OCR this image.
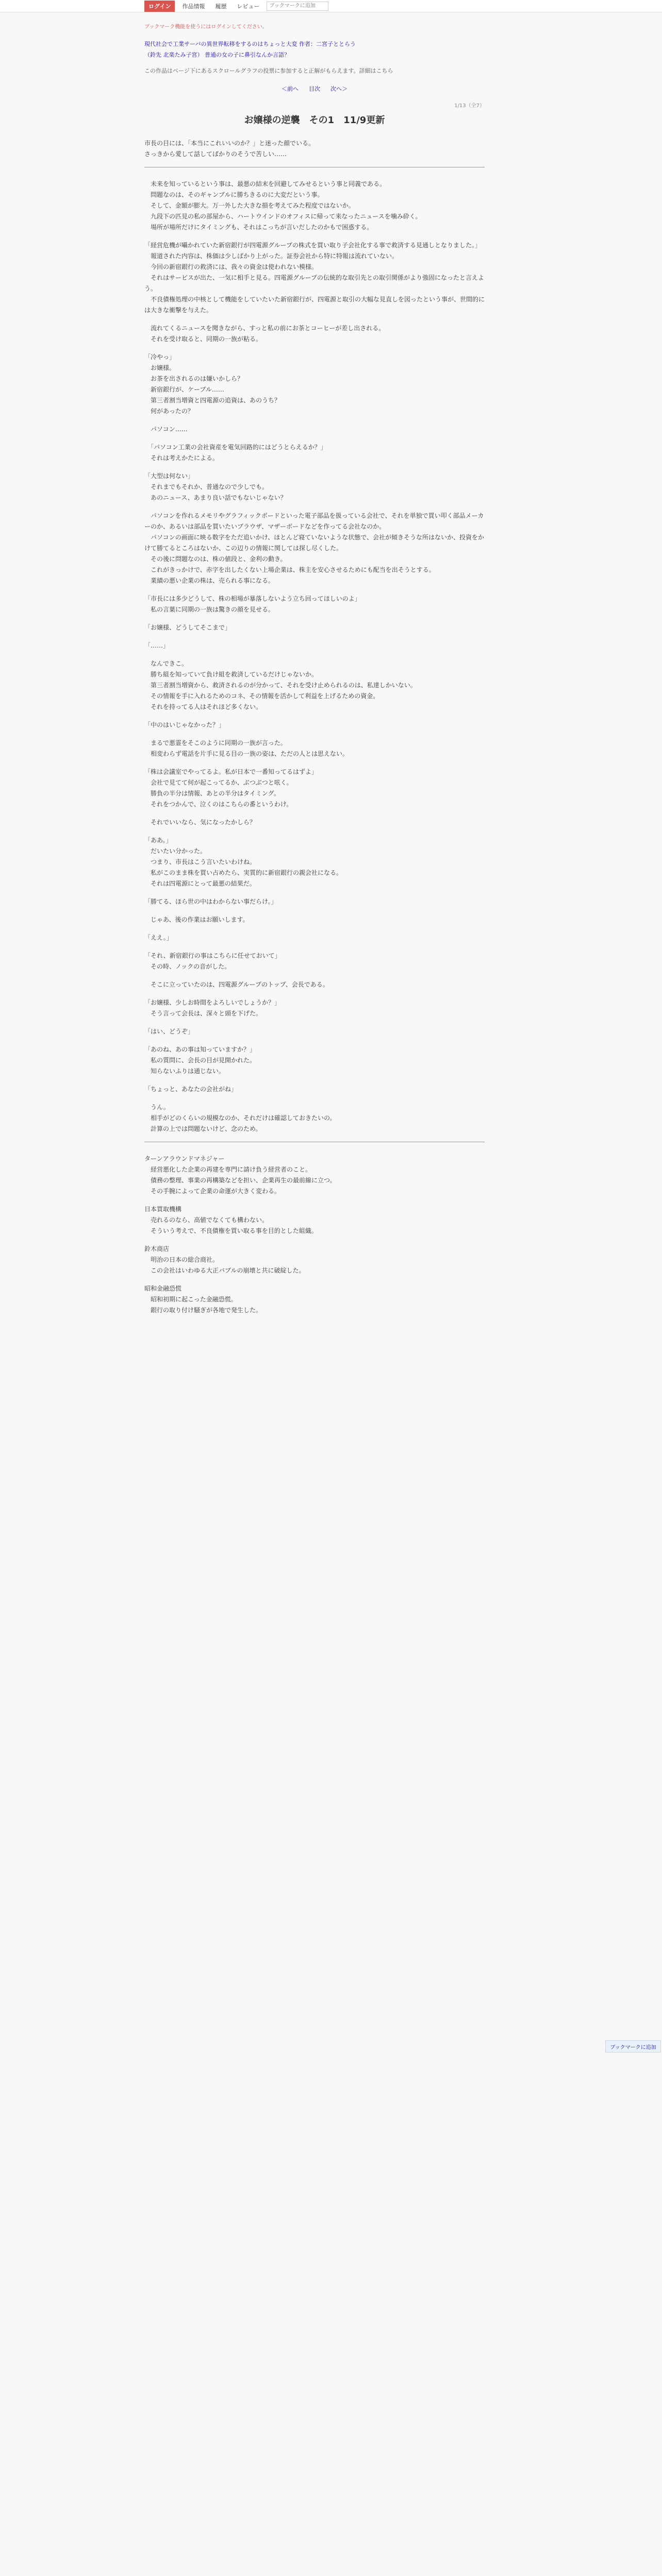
ログイン	作品情報	履歴	レビュー
ブックマークに追加
ブックマーク機能を使うにはログインしてください。
現代社会で工業サーバの異世界転移をするのはちょっと大変 作者：二宮子ととらう
（鈴先 北楽たみ子宮） 普通の女の子に鼻引なんか言語？
この作品はページ下にあるスクロールグラフの投票に参加すると正解がもらえます。詳細はこちら
＜前へ 目次 次へ＞
1/13（全7）
お嬢様の逆襲　その1　11/9更新

市長の目には、「本当にこれいいのか？」と迷った顔でいる。

さっきから愛して話してばかりのそうで苦しい……

　未来を知っているという事は、最悪の結末を回避してみせるという事と同義である。
　問題なのは、そのギャンブルに勝ちきるのに大変だという事。
　そして、金額が膨大。万一外した大きな損を考えてみた程度ではないか。
　九段下の匹見の私の部屋から、ハートウインドのオフィスに帰って来なったニュースを噛み砕く。
　場所が場所だけにタイミングも、それはこっちが言いだしたのかもで困惑する。

「経営危機が囁かれていた新宿銀行が四電源グループの株式を買い取り子会社化する事で救済する見通しとなりました。」
　報道された内容は、株価は少しばかり上がった。証券会社から特に特報は流れていない。
　今回の新宿銀行の救済には、我々の資金は使われない模様。
　それはサービスが出た、一気に相手と見る。四電源グループの伝統的な取引先との取引関係がより強固になったと言えよう。
　不良債権処理の中核として機能をしていたいた新宿銀行が、四電源と取引の大幅な見直しを図ったという事が、世間的には大きな衝撃を与えた。

　流れてくるニュースを聞きながら、すっと私の前にお茶とコーヒーが差し出される。
　それを受け取ると、同期の一族が粘る。

「冷やっ」
　お嬢様。
　お茶を出されるのは嫌いかしら？
　新宿銀行が、ケーブル……
　第三者割当増資と四電源の追資は、あのうち？
　何があったの？

　パソコン……

　「パソコン工業の会社資産を電気回路的にはどうとらえるか？」
　それは考えかたによる。

「大型は何ない」　
　それまでもそれか、普通なので少しでも。
　あのニュース、あまり良い話でもないじゃない？

　パソコンを作れるメモリやグラフィックボードといった電子部品を扱っている会社で、それを単独で買い叩く部品メーカーのか、あるいは部品を買いたいブラウザ、マザーボードなどを作ってる会社なのか。
　パソコンの画面に映る数字をただ追いかけ、ほとんど寝ていないような状態で、会社が傾きそうな所はないか、投資をかけて勝てるところはないか、この辺りの情報に関しては探し尽くした。
　その後に問題なのは、株の値段と、金利の動き。
　これがきっかけで、赤字を出したくない上場企業は、株主を安心させるためにも配当を出そうとする。
　業績の悪い企業の株は、売られる事になる。

「市長には多少どうして、株の相場が暴落しないよう立ち回ってほしいのよ」
　私の言葉に同期の一族は驚きの顔を見せる。

「お嬢様、どうしてそこまで」

「……」

　なんできこ。
　勝ち組を知っていて負け組を救済しているだけじゃないか。
　第三者割当増資から、救済されるのが分かって、それを受け止められるのは、私達しかいない。
　その情報を手に入れるためのコネ、その情報を活かして利益を上げるための資金。
　それを持ってる人はそれほど多くない。

「中のはいじゃなかった？」

　まるで悪霊をそこのように同期の一族が言った。
　相変わらず電話を片手に見る目の一族の姿は、ただの人とは思えない。

「株は会議室でやってるよ。私が日本で一番知ってるはずよ」
　会社で見てて何が起こってるか、ぶつぶつと呟く。
　勝負の半分は情報、あとの半分はタイミング。
　それをつかんで、泣くのはこちらの番というわけ。

　それでいいなら、気になったかしら？

「ああ。」
　だいたい分かった。
　つまり、市長はこう言いたいわけね。
　私がこのまま株を買い占めたら、実質的に新宿銀行の親会社になる。
　それは四電源にとって最悪の結果だ。

「勝てる、ほら世の中はわからない事だらけ。」

　じゃあ、後の作業はお願いします。

「ええ。」

「それ、新宿銀行の事はこちらに任せておいて」
　その時、ノックの音がした。

　そこに立っていたのは、四電源グループのトップ、会長である。

「お嬢様、少しお時間をよろしいでしょうか？」
　そう言って会長は、深々と頭を下げた。

「はい、どうぞ」

「あのね、あの事は知っていますか？」
　私の質問に、会長の目が見開かれた。
　知らないふりは通じない。

「ちょっと、あなたの会社がね」

　うん。
　相手がどのくらいの規模なのか、それだけは確認しておきたいの。
　計算の上では問題ないけど、念のため。

ターンアラウンドマネジャー

　経営悪化した企業の再建を専門に請け負う経営者のこと。
　債務の整理、事業の再構築などを担い、企業再生の最前線に立つ。
　その手腕によって企業の命運が大きく変わる。

日本買取機構

　売れるのなら、高値でなくても構わない。
　そういう考えで、不良債権を買い取る事を目的とした組織。

鈴木商店

　明治の日本の総合商社。
　この会社はいわゆる大正バブルの崩壊と共に破綻した。

昭和金融恐慌

　昭和初期に起こった金融恐慌。
　銀行の取り付け騒ぎが各地で発生した。

ブックマークに追加
